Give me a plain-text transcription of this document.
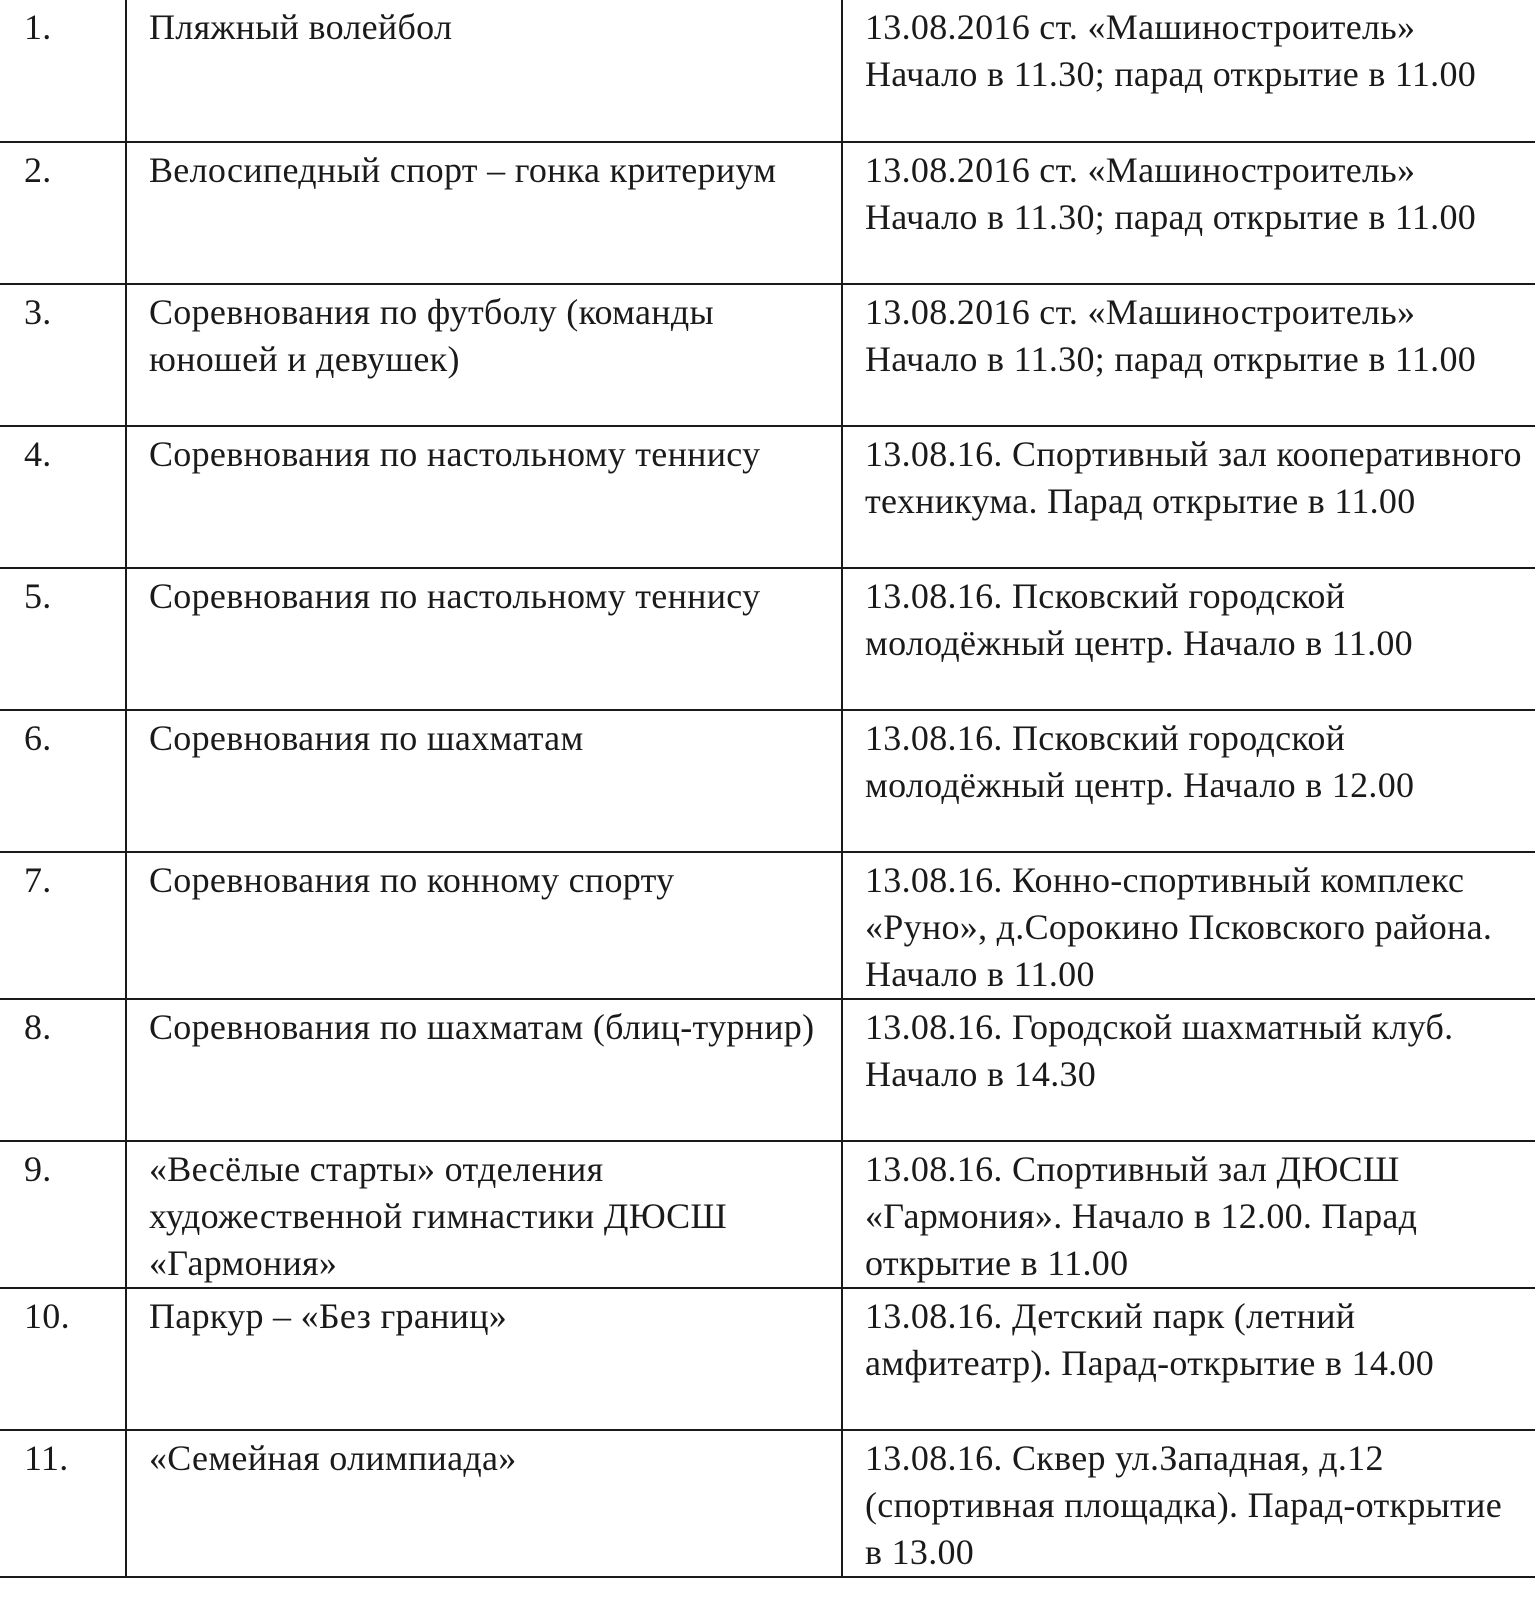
1.	Пляжный волейбол	13.08.2016 ст. «Машиностроитель» Начало в 11.30; парад открытие в 11.00
2.	Велосипедный спорт – гонка критериум	13.08.2016 ст. «Машиностроитель» Начало в 11.30; парад открытие в 11.00
3.	Соревнования по футболу (команды юношей и девушек)	13.08.2016 ст. «Машиностроитель» Начало в 11.30; парад открытие в 11.00
4.	Соревнования по настольному теннису	13.08.16. Спортивный зал кооперативного техникума. Парад открытие в 11.00
5.	Соревнования по настольному теннису	13.08.16. Псковский городской молодёжный центр. Начало в 11.00
6.	Соревнования по шахматам	13.08.16. Псковский городской молодёжный центр. Начало в 12.00
7.	Соревнования по конному спорту	13.08.16. Конно-спортивный комплекс «Руно», д.Сорокино Псковского района. Начало в 11.00
8.	Соревнования по шахматам (блиц-турнир)	13.08.16. Городской шахматный клуб. Начало в 14.30
9.	«Весёлые старты» отделения художественной гимнастики ДЮСШ «Гармония»	13.08.16. Спортивный зал ДЮСШ «Гармония». Начало в 12.00. Парад открытие в 11.00
10.	Паркур – «Без границ»	13.08.16. Детский парк (летний амфитеатр). Парад-открытие в 14.00
11.	«Семейная олимпиада»	13.08.16. Сквер ул.Западная, д.12 (спортивная площадка). Парад-открытие в 13.00
